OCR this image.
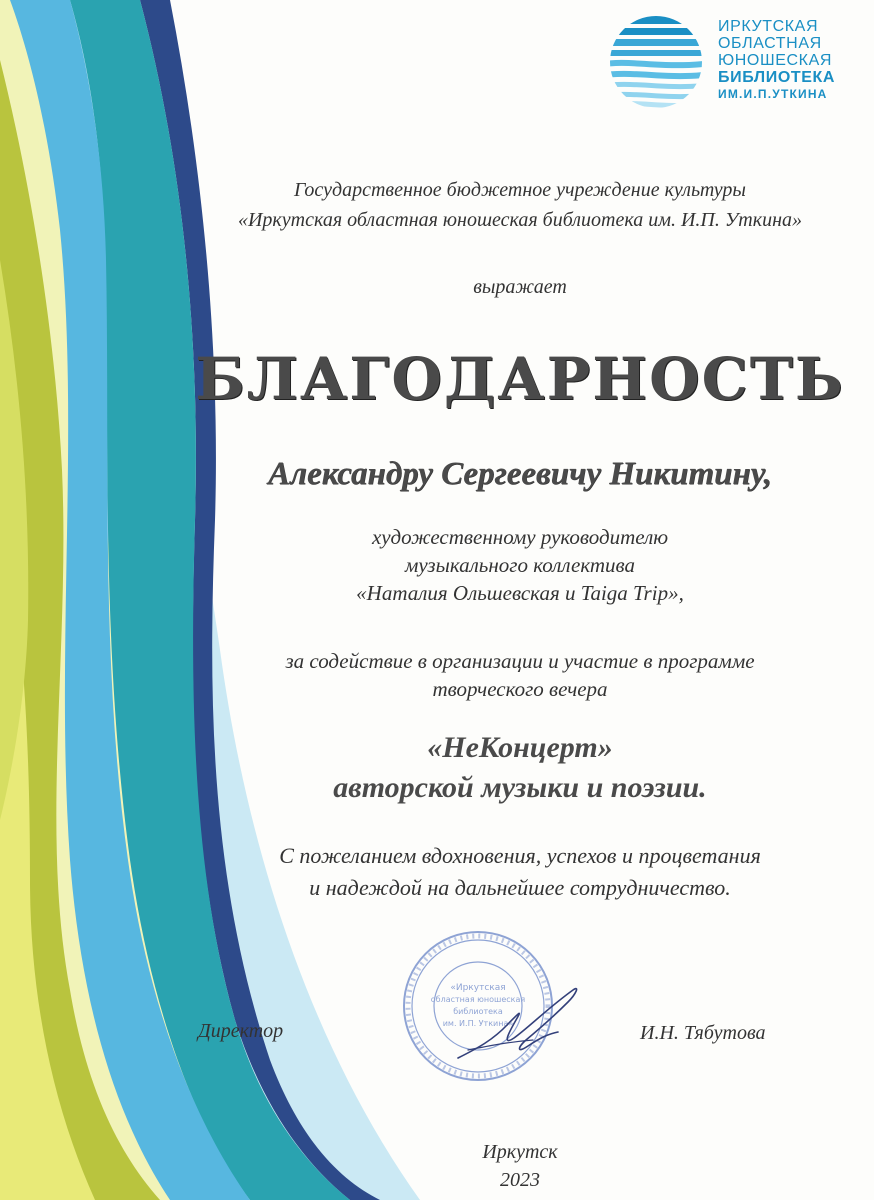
ИРКУТСКАЯ
ОБЛАСТНАЯ
ЮНОШЕСКАЯ
БИБЛИОТЕКА
ИМ.И.П.УТКИНА
Государственное бюджетное учреждение культуры
«Иркутская областная юношеская библиотека им. И.П. Уткина»
выражает
БЛАГОДАРНОСТЬ
Александру Сергеевичу Никитину,
художественному руководителю
музыкального коллектива
«Наталия Ольшевская и Taiga Trip»,
за содействие в организации и участие в программе
творческого вечера
«НеКонцерт»
авторской музыки и поэзии.
С пожеланием вдохновения, успехов и процветания
и надеждой на дальнейшее сотрудничество.
«Иркутская
областная юношеская
библиотека
им. И.П. Уткина»
Директор	И.Н. Тябутова
Иркутск
2023
